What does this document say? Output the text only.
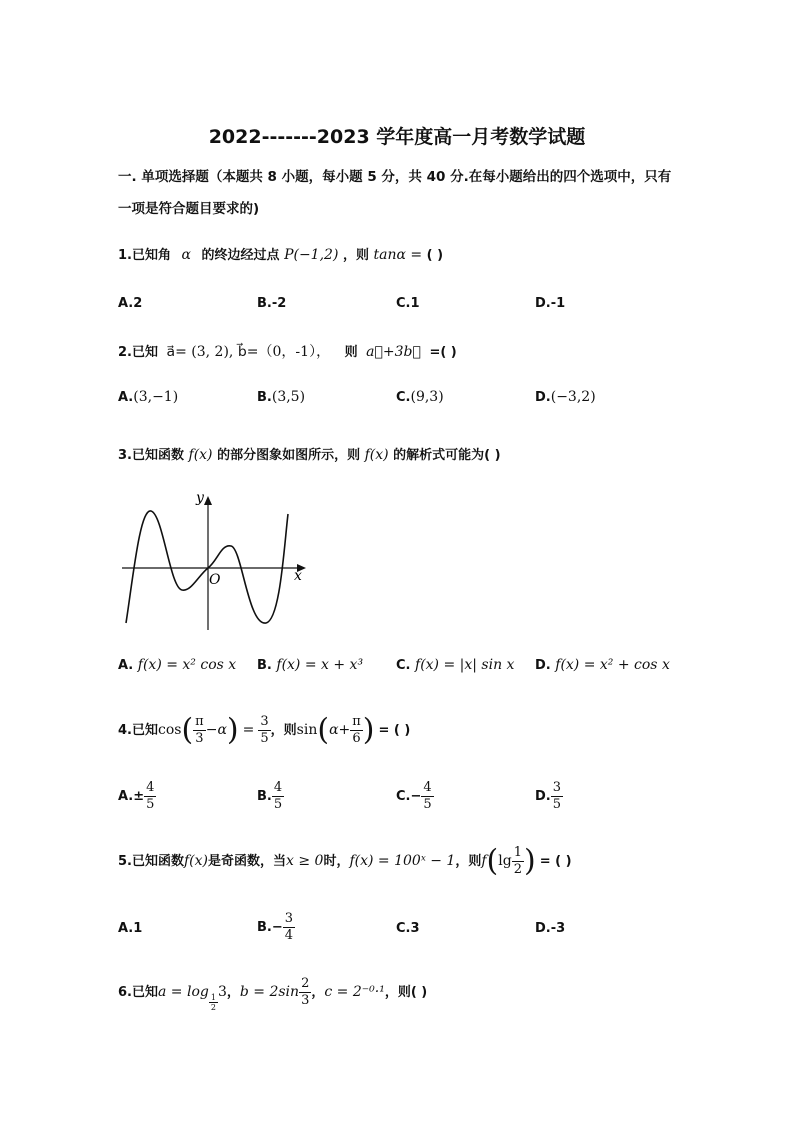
2022-------2023 学年度高一月考数学试题
一. 单项选择题（本题共 8 小题，每小题 5 分，共 40 分.在每小题给出的四个选项中，只有
一项是符合题目要求的)
1.已知角 α 的终边经过点 P(−1,2) ，则 tanα = ( )
A.2	B.-2	C.1	D.-1
2.已知 a⃗= (3, 2), b⃗=（0，-1）， 则 a⃗+3b⃗ =( )
A.(3,−1)	B.(3,5)	C.(9,3)	D.(−3,2)
3.已知函数 f(x) 的部分图象如图所示，则 f(x) 的解析式可能为( )
y
x
O
A. f(x) = x² cos x B. f(x) = x + x³	C. f(x) = |x| sin x D. f(x) = x² + cos x
4.已知$\cos( \frac{\pi}{3} -\alpha) = \frac{3}{5}$ ，则$\sin(\alpha+ \frac{\pi}{6}$ ) = ( )
$A.\pm \frac{4}{5}$	B. $\frac{4}{5}$	$C.- \frac{4}{5}$	D. $\frac{3}{5}$
5.已知函数f(x)是奇函数，当x ≥ 0时，f(x) = 100ˣ − 1，则$f(\lg \frac{1}{2}$ ) = ( )
A.1	$B.- \frac{3}{4}$	C.3	D.-3
6.已知a = log
$\frac{1}{2}$
3，$b = 2\sin \frac{2}{3}$ ，c = 2⁻⁰·¹，则( )
